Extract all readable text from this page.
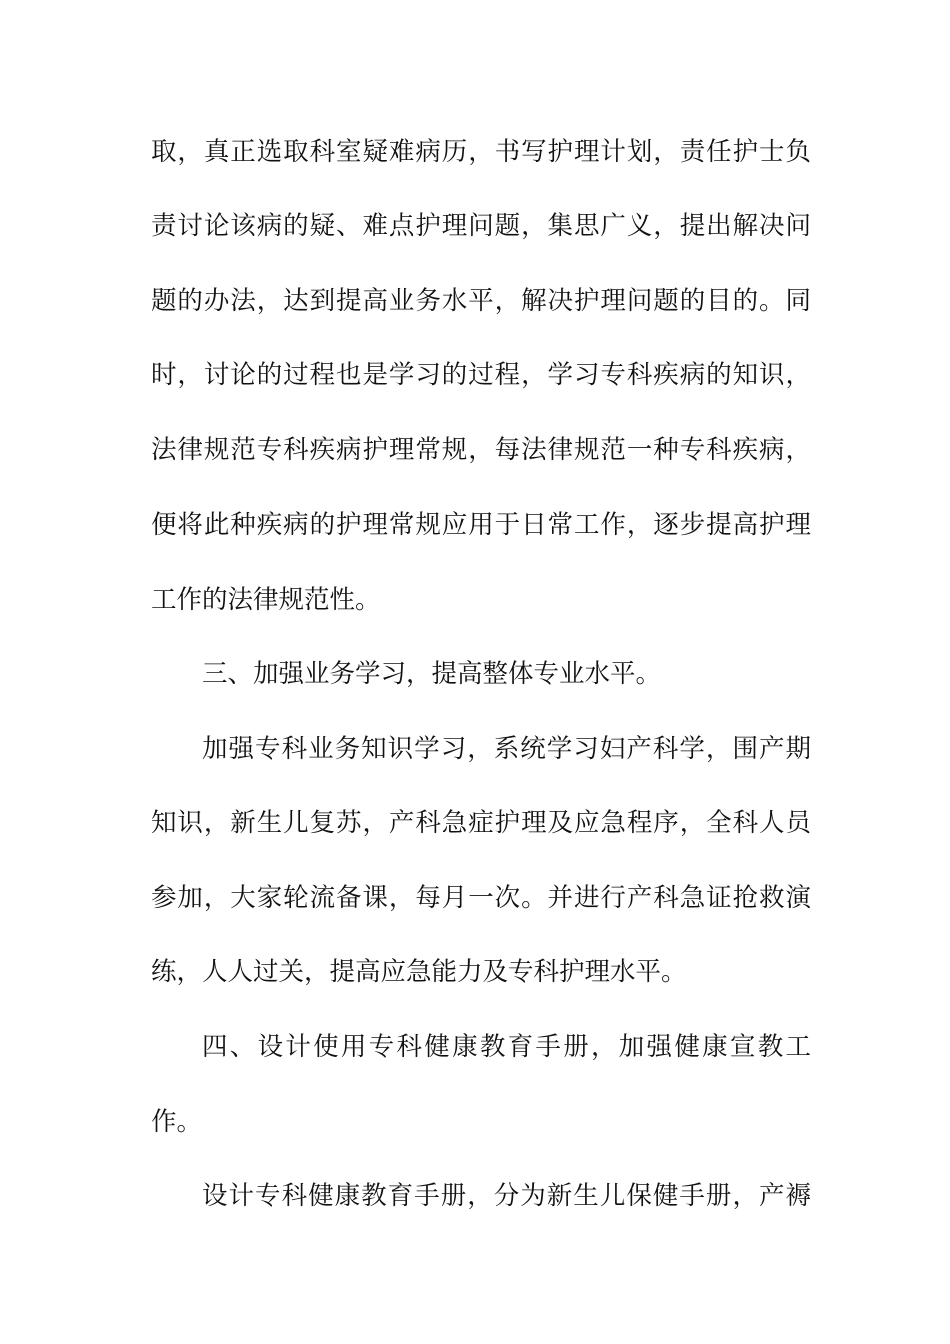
取，真正选取科室疑难病历，书写护理计划，责任护士负
责讨论该病的疑、难点护理问题，集思广义，提出解决问
题的办法，达到提高业务水平，解决护理问题的目的。同
时，讨论的过程也是学习的过程，学习专科疾病的知识，
法律规范专科疾病护理常规，每法律规范一种专科疾病，
便将此种疾病的护理常规应用于日常工作，逐步提高护理
工作的法律规范性。
三、加强业务学习，提高整体专业水平。
加强专科业务知识学习，系统学习妇产科学，围产期
知识，新生儿复苏，产科急症护理及应急程序，全科人员
参加，大家轮流备课，每月一次。并进行产科急证抢救演
练，人人过关，提高应急能力及专科护理水平。
四、设计使用专科健康教育手册，加强健康宣教工
作。
设计专科健康教育手册，分为新生儿保健手册，产褥
